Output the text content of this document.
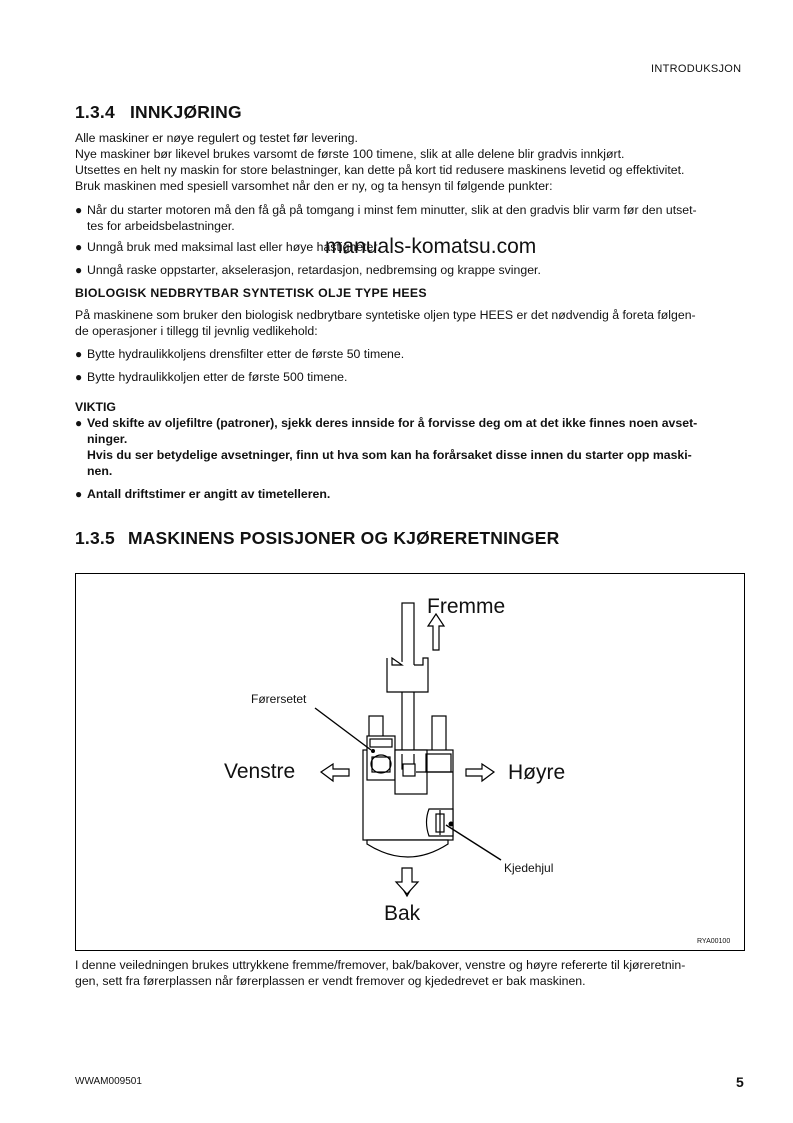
INTRODUKSJON
1.3.4 INNKJØRING
Alle maskiner er nøye regulert og testet før levering.
Nye maskiner bør likevel brukes varsomt de første 100 timene, slik at alle delene blir gradvis innkjørt.
Utsettes en helt ny maskin for store belastninger, kan dette på kort tid redusere maskinens levetid og effektivitet.
Bruk maskinen med spesiell varsomhet når den er ny, og ta hensyn til følgende punkter:
● Når du starter motoren må den få gå på tomgang i minst fem minutter, slik at den gradvis blir varm før den utset-
tes for arbeidsbelastninger.
● Unngå bruk med maksimal last eller høye hastigheter.
● Unngå raske oppstarter, akselerasjon, retardasjon, nedbremsing og krappe svinger.
BIOLOGISK NEDBRYTBAR SYNTETISK OLJE TYPE HEES
På maskinene som bruker den biologisk nedbrytbare syntetiske oljen type HEES er det nødvendig å foreta følgen-
de operasjoner i tillegg til jevnlig vedlikehold:
● Bytte hydraulikkoljens drensfilter etter de første 50 timene.
● Bytte hydraulikkoljen etter de første 500 timene.
VIKTIG
● Ved skifte av oljefiltre (patroner), sjekk deres innside for å forvisse deg om at det ikke finnes noen avset-
ninger.
Hvis du ser betydelige avsetninger, finn ut hva som kan ha forårsaket disse innen du starter opp maski-
nen.
● Antall driftstimer er angitt av timetelleren.
1.3.5 MASKINENS POSISJONER OG KJØRERETNINGER
Fremme
Bak
Venstre	Høyre
Førersetet
Kjedehjul
RYA00100
manuals-komatsu.com
I denne veiledningen brukes uttrykkene fremme/fremover, bak/bakover, venstre og høyre refererte til kjøreretnin-
gen, sett fra førerplassen når førerplassen er vendt fremover og kjededrevet er bak maskinen.
WWAM009501	5
